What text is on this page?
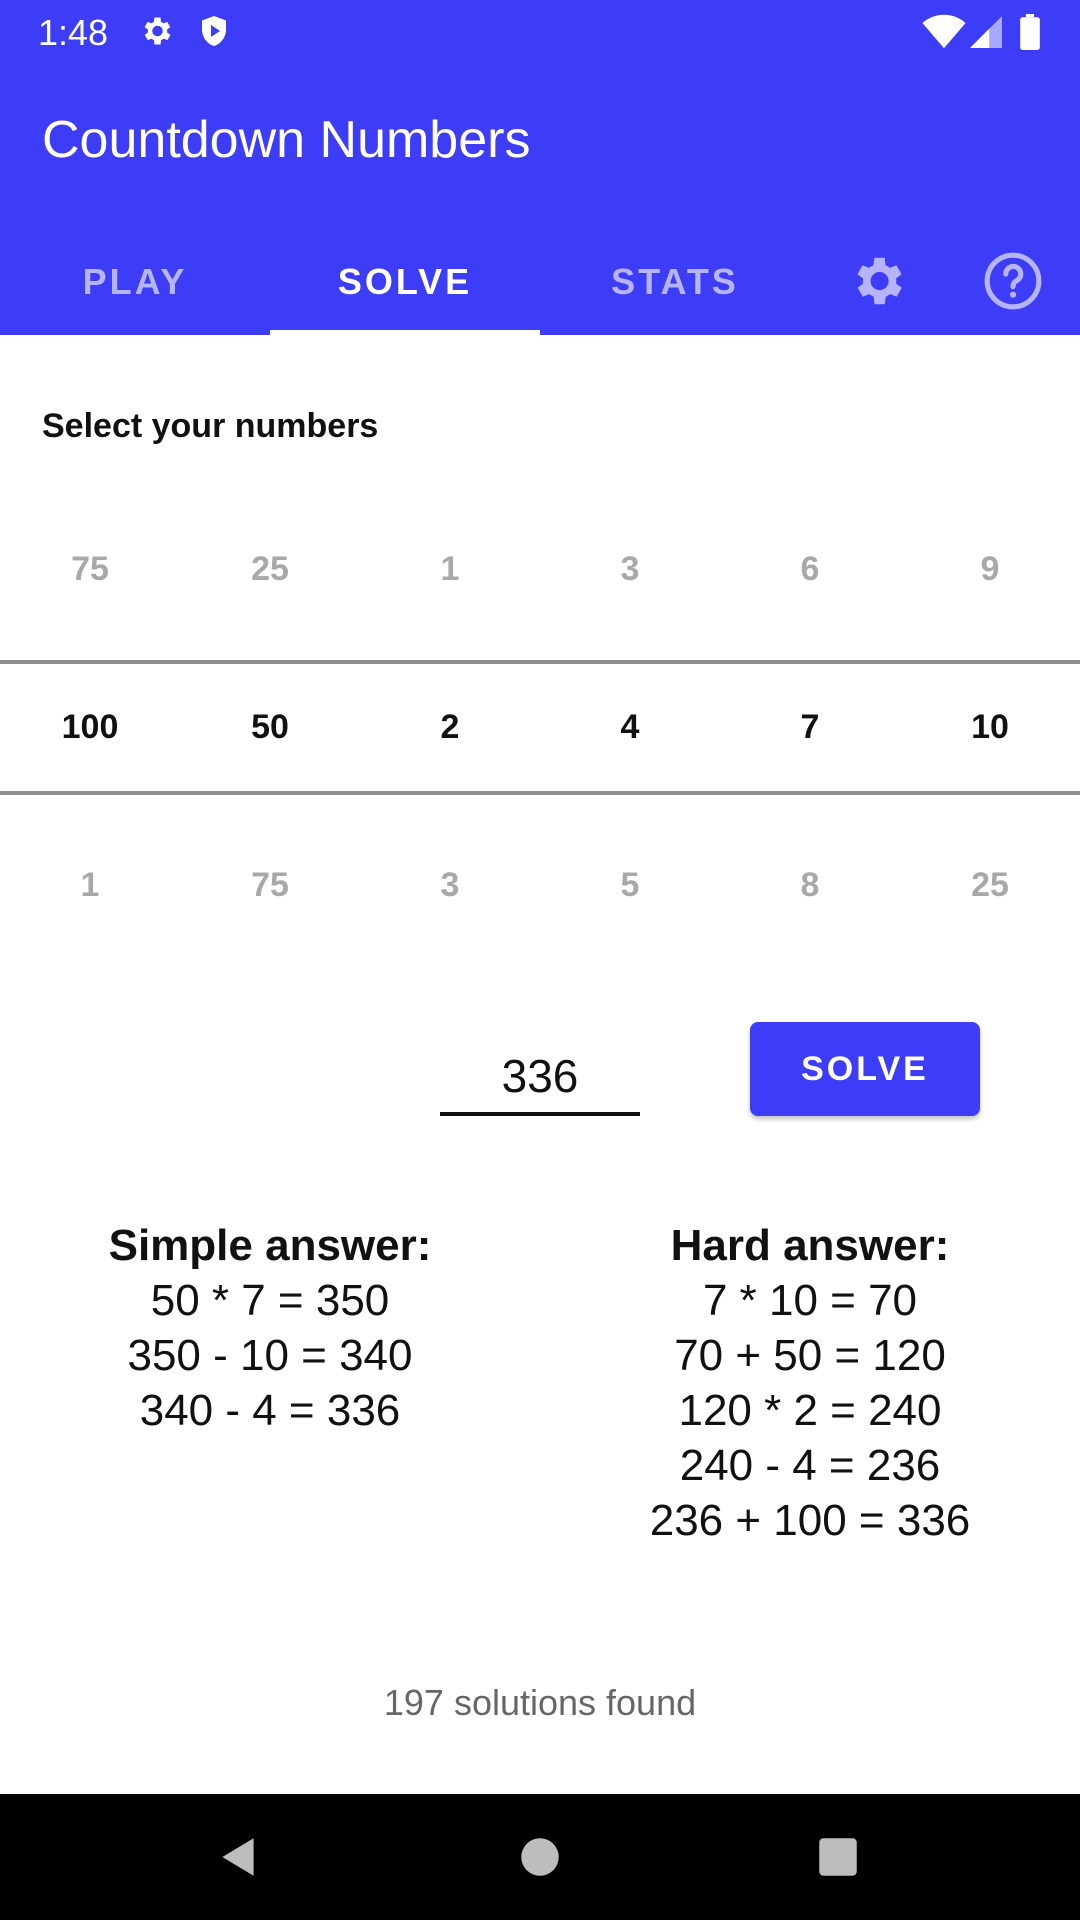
1:48
Countdown Numbers
PLAY	SOLVE	STATS
Select your numbers
75	25	1	3	6	9
100	50	2	4	7	10
1	75	3	5	8	25
336
SOLVE
Simple answer:
50 * 7 = 350
350 - 10 = 340
340 - 4 = 336
Hard answer:
7 * 10 = 70
70 + 50 = 120
120 * 2 = 240
240 - 4 = 236
236 + 100 = 336
197 solutions found
